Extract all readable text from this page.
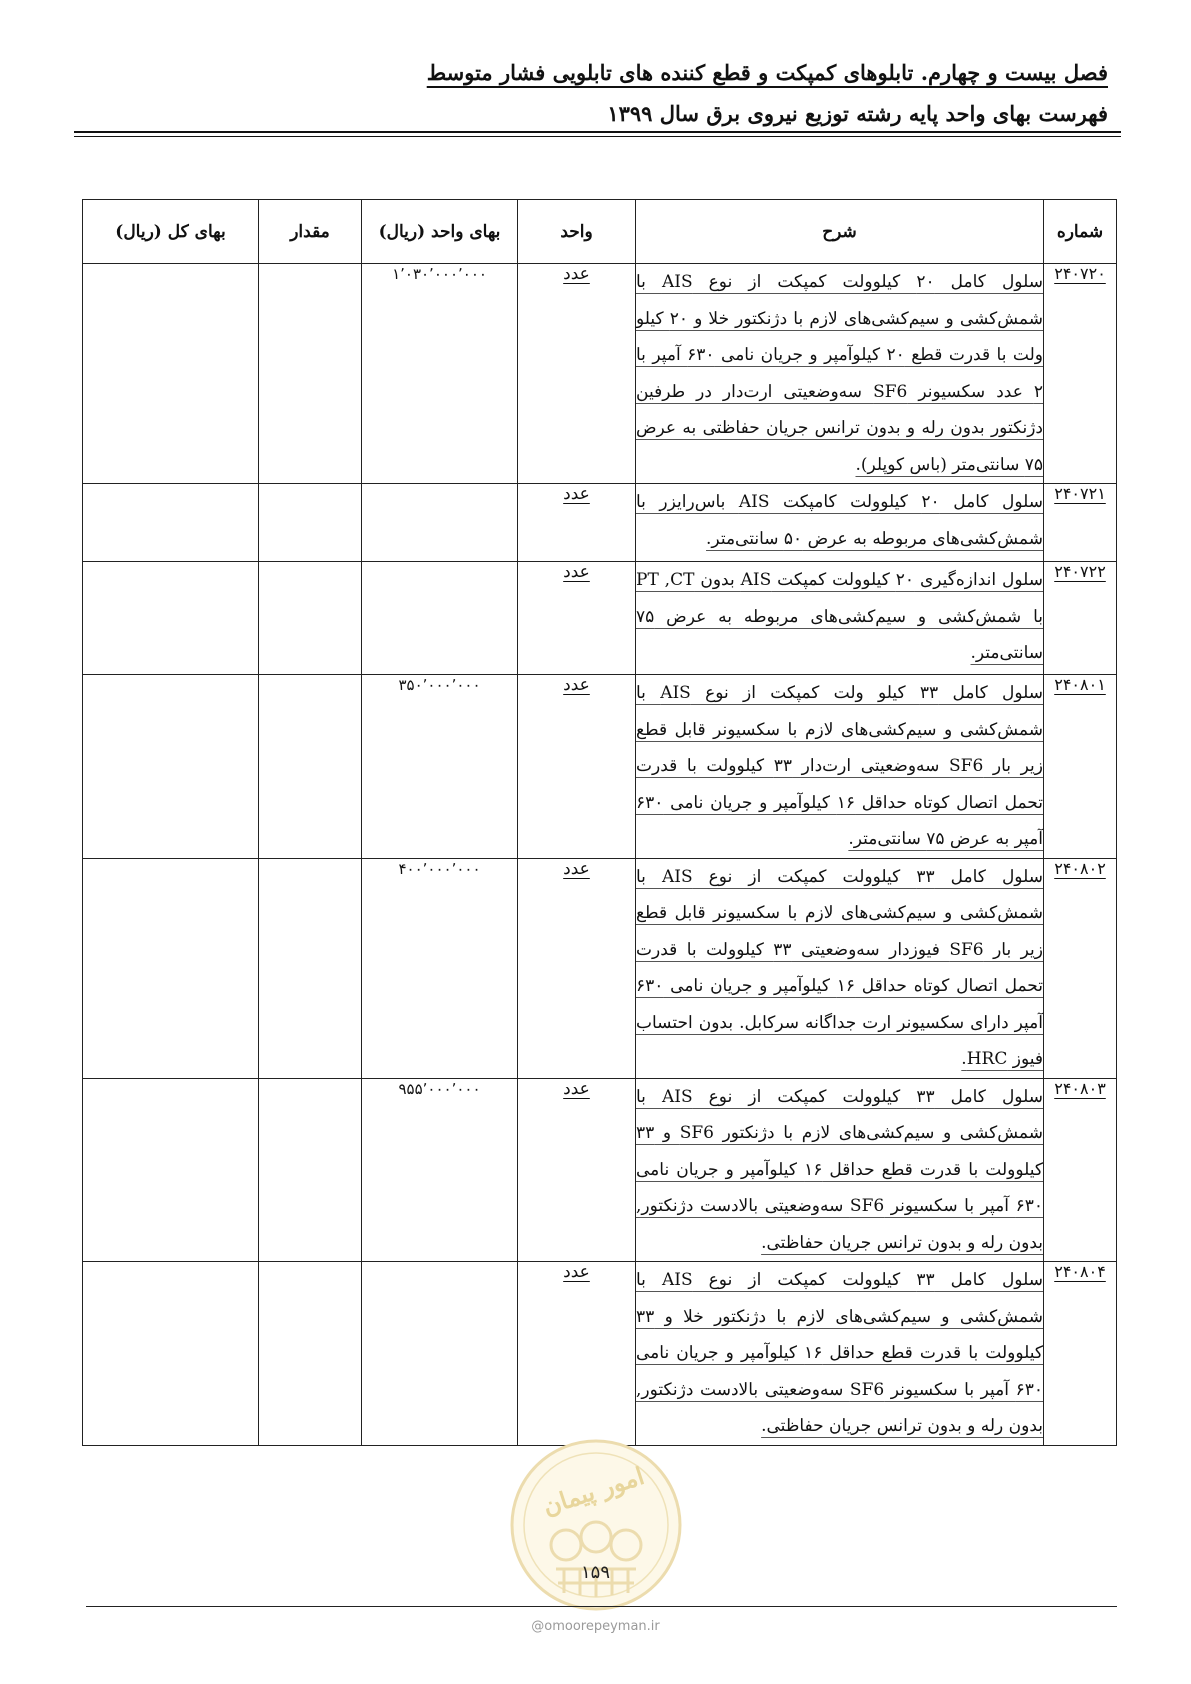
فصل بیست و چهارم. تابلوهای کمپکت و قطع کننده های تابلویی فشار متوسط
فهرست بهای واحد پایه رشته توزیع نیروی برق سال ۱۳۹۹
شماره	شرح	واحد	بهای واحد (ریال)	مقدار	بهای کل (ریال)
۲۴۰۷۲۰	سلول کامل ۲۰ کیلوولت کمپکت از نوع AIS با شمش‌کشی و سیم‌کشی‌های لازم با دژنکتور خلا و ۲۰ کیلو ولت با قدرت قطع ۲۰ کیلوآمپر و جریان نامی ۶۳۰ آمپر با ۲ عدد سکسیونر SF6 سه‌وضعیتی ارت‌دار در طرفین دژنکتور بدون رله و بدون ترانس جریان حفاظتی به عرض ۷۵ سانتی‌متر (باس کوپلر).	عدد	۱٬۰۳۰٬۰۰۰٬۰۰۰		
۲۴۰۷۲۱	سلول کامل ۲۰ کیلوولت کامپکت AIS باس‌رایزر با شمش‌کشی‌های مربوطه به عرض ۵۰ سانتی‌متر.	عدد			
۲۴۰۷۲۲	سلول اندازه‌گیری ۲۰ کیلوولت کمپکت AIS بدون PT ,CT با شمش‌کشی و سیم‌کشی‌های مربوطه به عرض ۷۵ سانتی‌متر.	عدد			
۲۴۰۸۰۱	سلول کامل ۳۳ کیلو ولت کمپکت از نوع AIS با شمش‌کشی و سیم‌کشی‌های لازم با سکسیونر قابل قطع زیر بار SF6 سه‌وضعیتی ارت‌دار ۳۳ کیلوولت با قدرت تحمل اتصال کوتاه حداقل ۱۶ کیلوآمپر و جریان نامی ۶۳۰ آمپر به عرض ۷۵ سانتی‌متر.	عدد	۳۵۰٬۰۰۰٬۰۰۰		
۲۴۰۸۰۲	سلول کامل ۳۳ کیلوولت کمپکت از نوع AIS با شمش‌کشی و سیم‌کشی‌های لازم با سکسیونر قابل قطع زیر بار SF6 فیوزدار سه‌وضعیتی ۳۳ کیلوولت با قدرت تحمل اتصال کوتاه حداقل ۱۶ کیلوآمپر و جریان نامی ۶۳۰ آمپر دارای سکسیونر ارت جداگانه سرکابل. بدون احتساب فیوز HRC.	عدد	۴۰۰٬۰۰۰٬۰۰۰		
۲۴۰۸۰۳	سلول کامل ۳۳ کیلوولت کمپکت از نوع AIS با شمش‌کشی و سیم‌کشی‌های لازم با دژنکتور SF6 و ۳۳ کیلوولت با قدرت قطع حداقل ۱۶ کیلوآمپر و جریان نامی ۶۳۰ آمپر با سکسیونر SF6 سه‌وضعیتی بالادست دژنکتور, بدون رله و بدون ترانس جریان حفاظتی.	عدد	۹۵۵٬۰۰۰٬۰۰۰		
۲۴۰۸۰۴	سلول کامل ۳۳ کیلوولت کمپکت از نوع AIS با شمش‌کشی و سیم‌کشی‌های لازم با دژنکتور خلا و ۳۳ کیلوولت با قدرت قطع حداقل ۱۶ کیلوآمپر و جریان نامی ۶۳۰ آمپر با سکسیونر SF6 سه‌وضعیتی بالادست دژنکتور, بدون رله و بدون ترانس جریان حفاظتی.	عدد			
امور پیمان
۱۵۹
@omoorepeyman.ir
